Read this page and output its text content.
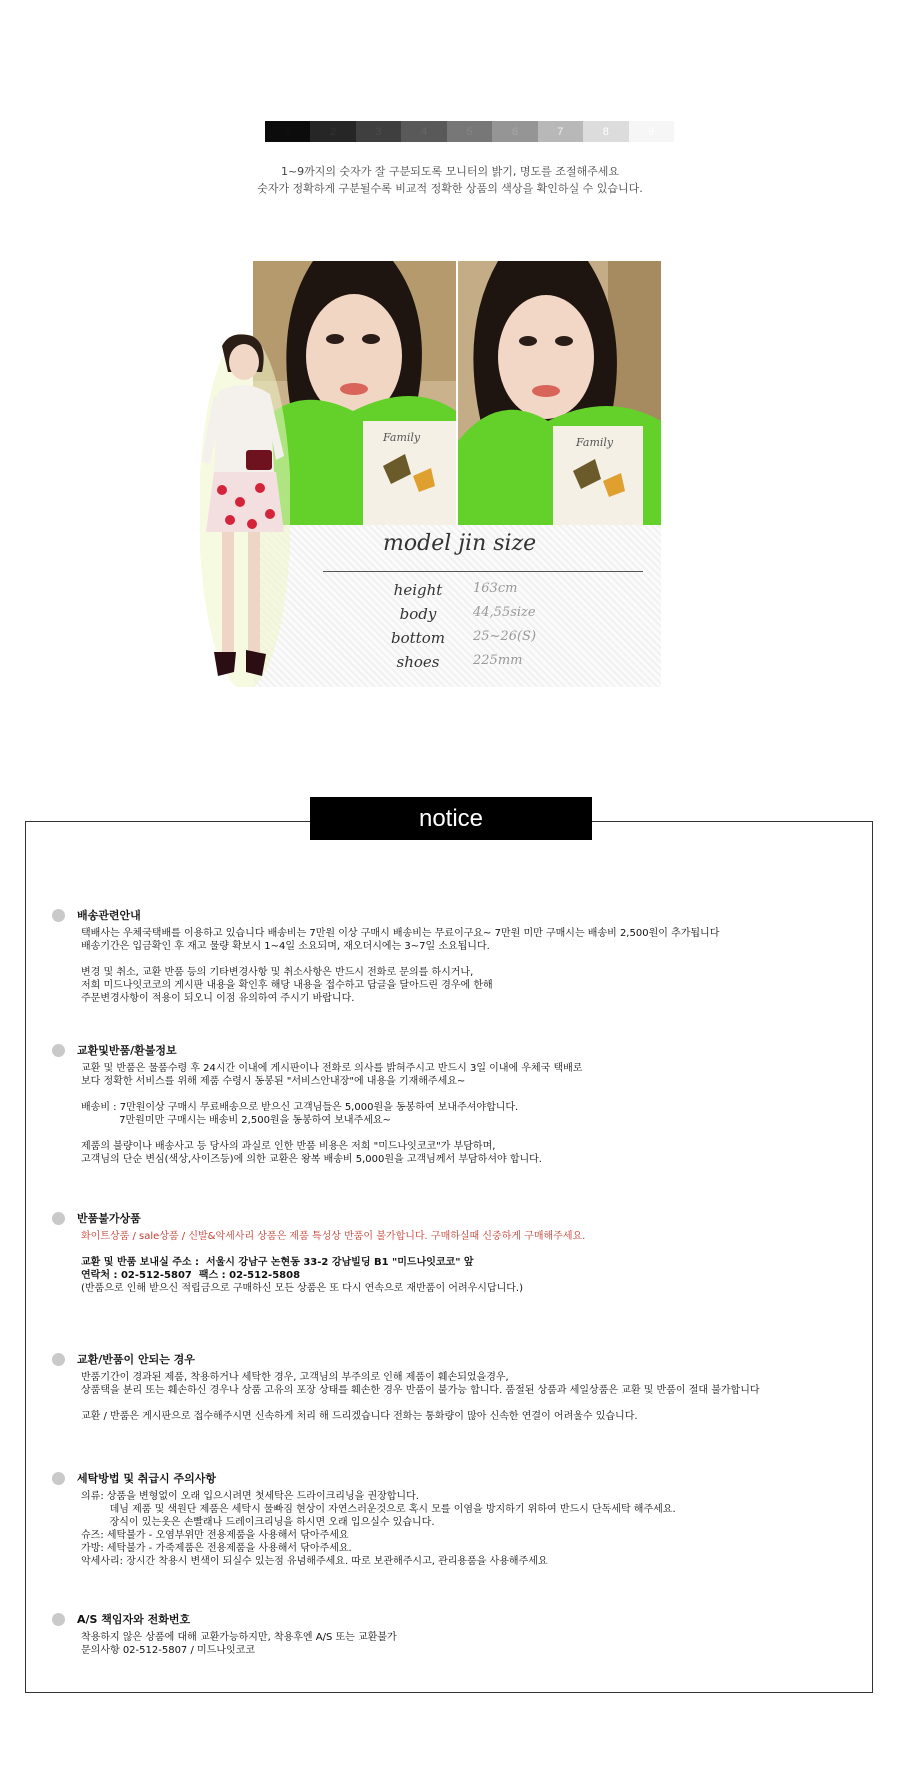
1	2	3	4	5	6	7	8	9
1~9까지의 숫자가 잘 구분되도록 모니터의 밝기, 명도를 조절해주세요
숫자가 정확하게 구분될수록 비교적 정확한 상품의 색상을 확인하실 수 있습니다.
Family	Family
model jin size
height	163cm
body	44,55size
bottom	25~26(S)
shoes	225mm
배송관련안내
택배사는 우체국택배를 이용하고 있습니다 배송비는 7만원 이상 구매시 배송비는 무료이구요~ 7만원 미만 구매시는 배송비 2,500원이 추가됩니다
배송기간은 입금확인 후 재고 물량 확보시 1~4일 소요되며, 재오더시에는 3~7일 소요됩니다.
변경 및 취소, 교환 반품 등의 기타변경사항 및 취소사항은 반드시 전화로 문의를 하시거나,
저희 미드나잇코코의 게시판 내용을 확인후 해당 내용을 접수하고 답글을 달아드린 경우에 한해
주문변경사항이 적용이 되오니 이점 유의하여 주시기 바랍니다.
교환및반품/환불정보
교환 및 반품은 물품수령 후 24시간 이내에 게시판이나 전화로 의사를 밝혀주시고 반드시 3일 이내에 우체국 택배로
보다 정확한 서비스를 위해 제품 수령시 동봉된 "서비스안내장"에 내용을 기재해주세요~
배송비 : 7만원이상 구매시 무료배송으로 받으신 고객님들은 5,000원을 동봉하여 보내주셔야합니다.
7만원미만 구매시는 배송비 2,500원을 동봉하여 보내주세요~
제품의 불량이나 배송사고 등 당사의 과실로 인한 반품 비용은 저희 "미드나잇코코"가 부담하며,
고객님의 단순 변심(색상,사이즈등)에 의한 교환은 왕복 배송비 5,000원을 고객님께서 부담하셔야 합니다.
반품불가상품
화이트상품 / sale상품 / 신발&악세사리 상품은 제품 특성상 반품이 불가합니다. 구매하실때 신중하게 구매해주세요.
교환 및 반품 보내실 주소 :  서울시 강남구 논현동 33-2 강남빌딩 B1 "미드나잇코코" 앞
연락처 : 02-512-5807  팩스 : 02-512-5808
(반품으로 인해 받으신 적립금으로 구매하신 모든 상품은 또 다시 연속으로 재반품이 어려우시답니다.)
교환/반품이 안되는 경우
반품기간이 경과된 제품, 착용하거나 세탁한 경우, 고객님의 부주의로 인해 제품이 훼손되었을경우,
상품택을 분리 또는 훼손하신 경우나 상품 고유의 포장 상태를 훼손한 경우 반품이 불가능 합니다. 품절된 상품과 세일상품은 교환 및 반품이 절대 불가합니다
교환 / 반품은 게시판으로 접수해주시면 신속하게 처리 해 드리겠습니다 전화는 통화량이 많아 신속한 연결이 어려울수 있습니다.
세탁방법 및 취급시 주의사항
의류: 상품을 변형없이 오래 입으시려면 첫세탁은 드라이크리닝을 권장합니다.
데님 제품 및 색원단 제품은 세탁시 물빠짐 현상이 자연스러운것으로 혹시 모를 이염을 방지하기 위하여 반드시 단독세탁 해주세요.
장식이 있는옷은 손빨래나 드레이크리닝을 하시면 오래 입으실수 있습니다.
슈즈: 세탁불가 - 오염부위만 전용제품을 사용해서 닦아주세요
가방: 세탁불가 - 가죽제품은 전용제품을 사용해서 닦아주세요.
악세사리: 장시간 착용시 변색이 되실수 있는점 유념해주세요. 따로 보관해주시고, 관리용품을 사용해주세요
A/S 책임자와 전화번호
착용하지 않은 상품에 대해 교환가능하지만, 착용후엔 A/S 또는 교환불가
문의사항 02-512-5807 / 미드나잇코코
notice
